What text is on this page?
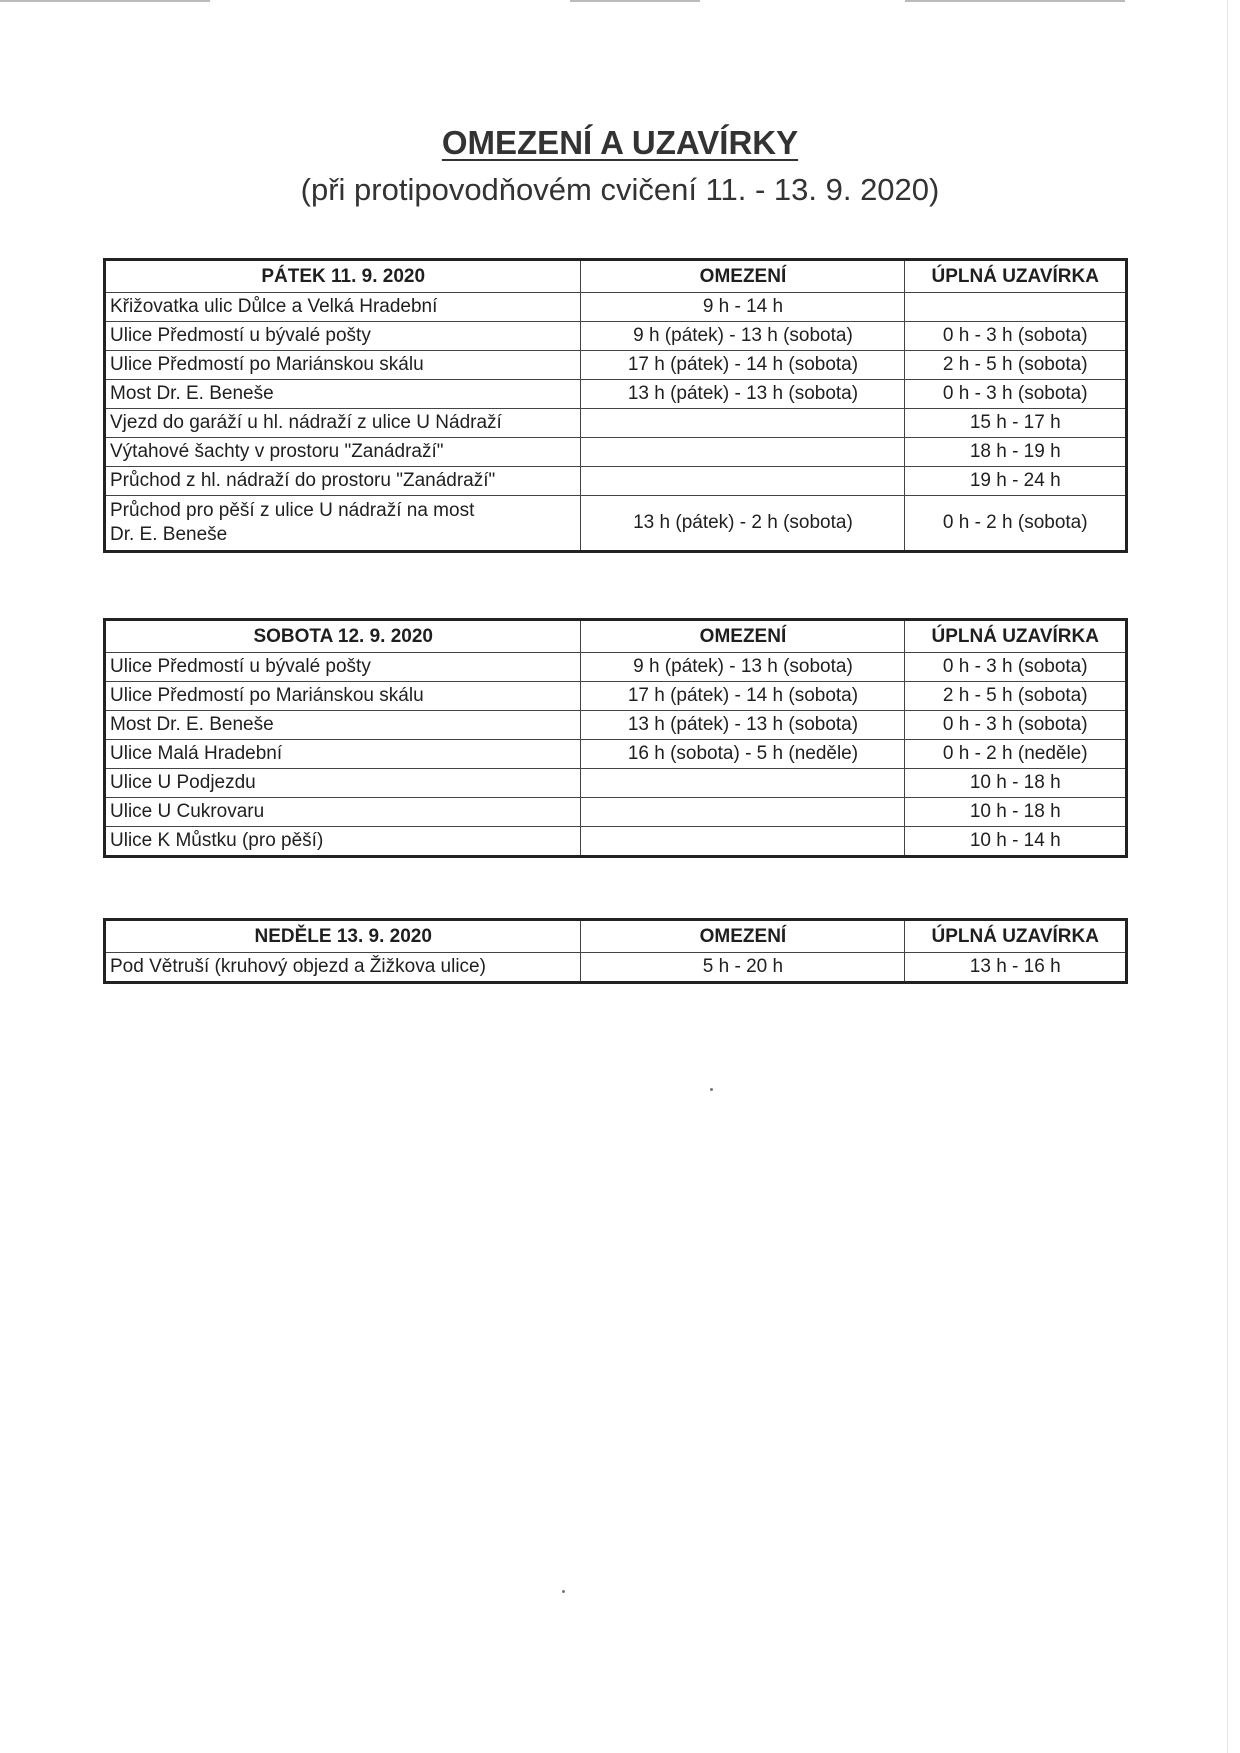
OMEZENÍ A UZAVÍRKY
(při protipovodňovém cvičení 11. - 13. 9. 2020)
PÁTEK 11. 9. 2020	OMEZENÍ	ÚPLNÁ UZAVÍRKA
Křižovatka ulic Důlce a Velká Hradební	9 h - 14 h	
Ulice Předmostí u bývalé pošty	9 h (pátek) - 13 h (sobota)	0 h - 3 h (sobota)
Ulice Předmostí po Mariánskou skálu	17 h (pátek) - 14 h (sobota)	2 h - 5 h (sobota)
Most Dr. E. Beneše	13 h (pátek) - 13 h (sobota)	0 h - 3 h (sobota)
Vjezd do garáží u hl. nádraží z ulice U Nádraží		15 h - 17 h
Výtahové šachty v prostoru "Zanádraží"		18 h - 19 h
Průchod z hl. nádraží do prostoru "Zanádraží"		19 h - 24 h

Průchod pro pěší z ulice U nádraží na most
Dr. E. Beneše	13 h (pátek) - 2 h (sobota)	0 h - 2 h (sobota)
SOBOTA 12. 9. 2020	OMEZENÍ	ÚPLNÁ UZAVÍRKA
Ulice Předmostí u bývalé pošty	9 h (pátek) - 13 h (sobota)	0 h - 3 h (sobota)
Ulice Předmostí po Mariánskou skálu	17 h (pátek) - 14 h (sobota)	2 h - 5 h (sobota)
Most Dr. E. Beneše	13 h (pátek) - 13 h (sobota)	0 h - 3 h (sobota)
Ulice Malá Hradební	16 h (sobota) - 5 h (neděle)	0 h - 2 h (neděle)
Ulice U Podjezdu		10 h - 18 h
Ulice U Cukrovaru		10 h - 18 h
Ulice K Můstku (pro pěší)		10 h - 14 h
NEDĚLE 13. 9. 2020	OMEZENÍ	ÚPLNÁ UZAVÍRKA
Pod Větruší (kruhový objezd a Žižkova ulice)	5 h - 20 h	13 h - 16 h
